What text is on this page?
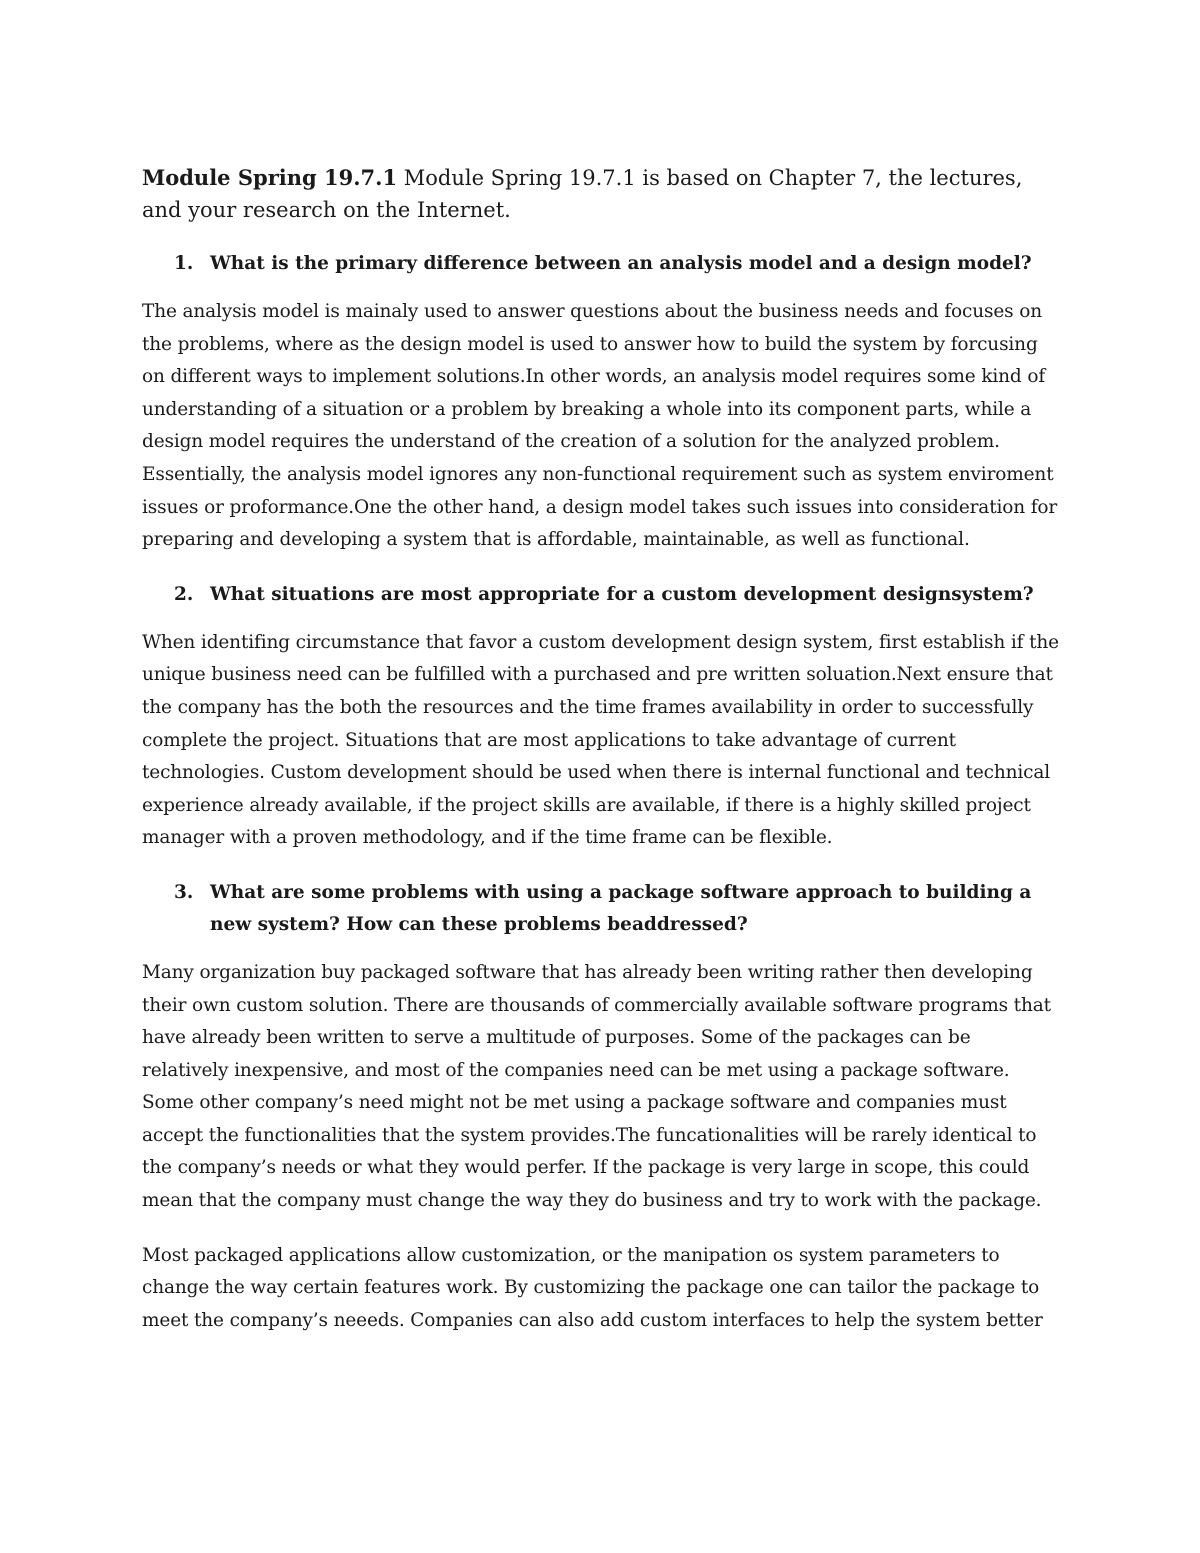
Module Spring 19.7.1 Module Spring 19.7.1 is based on Chapter 7, the lectures, and your research on the Internet.

1. What is the primary difference between an analysis model and a design model?

The analysis model is mainaly used to answer questions about the business needs and focuses on the problems, where as the design model is used to answer how to build the system by forcusing on different ways to implement solutions.In other words, an analysis model requires some kind of understanding of a situation or a problem by breaking a whole into its component parts, while a design model requires the understand of the creation of a solution for the analyzed problem. Essentially, the analysis model ignores any non-functional requirement such as system enviroment issues or proformance.One the other hand, a design model takes such issues into consideration for preparing and developing a system that is affordable, maintainable, as well as functional.

2. What situations are most appropriate for a custom development designsystem?

When identifing circumstance that favor a custom development design system, first establish if the unique business need can be fulfilled with a purchased and pre written soluation.Next ensure that the company has the both the resources and the time frames availability in order to successfully complete the project. Situations that are most applications to take advantage of current technologies. Custom development should be used when there is internal functional and technical experience already available, if the project skills are available, if there is a highly skilled project manager with a proven methodology, and if the time frame can be flexible.

3. What are some problems with using a package software approach to building a new system? How can these problems beaddressed?

Many organization buy packaged software that has already been writing rather then developing their own custom solution. There are thousands of commercially available software programs that have already been written to serve a multitude of purposes. Some of the packages can be relatively inexpensive, and most of the companies need can be met using a package software. Some other company’s need might not be met using a package software and companies must accept the functionalities that the system provides.The funcationalities will be rarely identical to the company’s needs or what they would perfer. If the package is very large in scope, this could mean that the company must change the way they do business and try to work with the package.

Most packaged applications allow customization, or the manipation os system parameters to change the way certain features work. By customizing the package one can tailor the package to meet the company’s neeeds. Companies can also add custom interfaces to help the system better
